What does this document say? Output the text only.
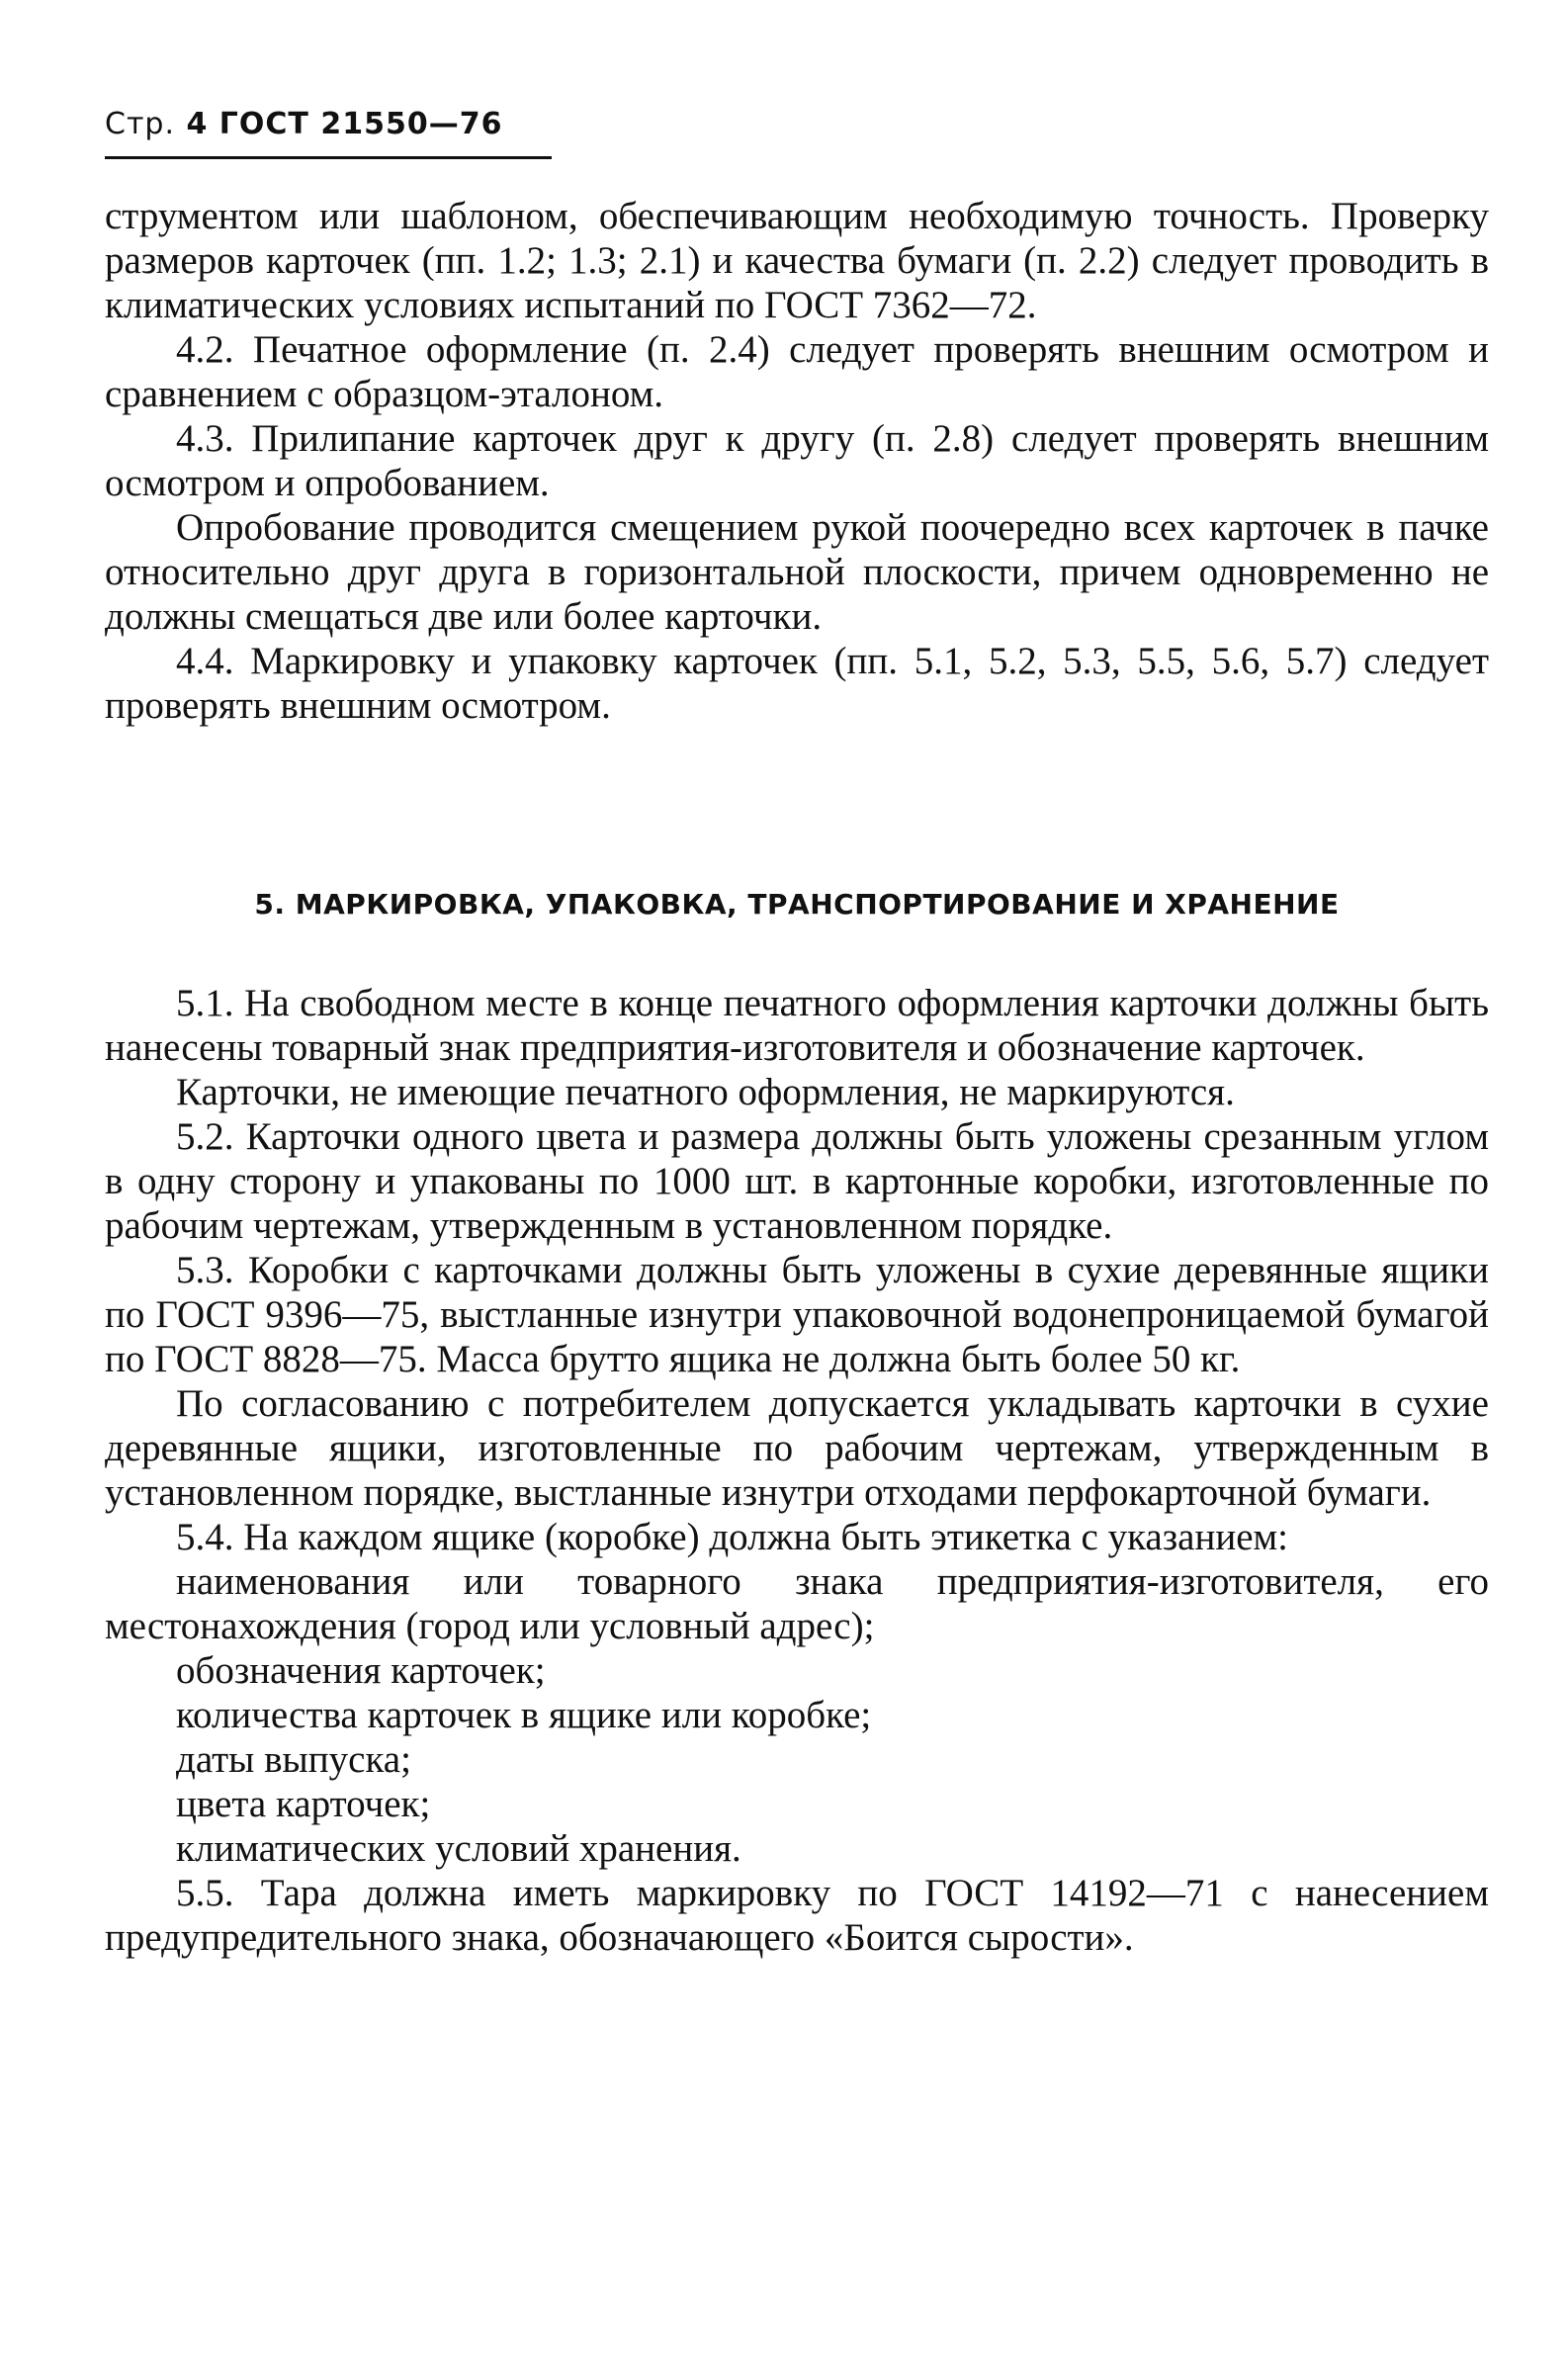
Стр. 4 ГОСТ 21550—76

струментом или шаблоном, обеспечивающим необходимую точность. Проверку размеров карточек (пп. 1.2; 1.3; 2.1) и качества бумаги (п. 2.2) следует проводить в климатических условиях испытаний по ГОСТ 7362—72.

4.2. Печатное оформление (п. 2.4) следует проверять внешним осмотром и сравнением с образцом-эталоном.

4.3. Прилипание карточек друг к другу (п. 2.8) следует проверять внешним осмотром и опробованием.

Опробование проводится смещением рукой поочередно всех карточек в пачке относительно друг друга в горизонтальной плоскости, причем одновременно не должны смещаться две или более карточки.

4.4. Маркировку и упаковку карточек (пп. 5.1, 5.2, 5.3, 5.5, 5.6, 5.7) следует проверять внешним осмотром.

5. МАРКИРОВКА, УПАКОВКА, ТРАНСПОРТИРОВАНИЕ И ХРАНЕНИЕ

5.1. На свободном месте в конце печатного оформления карточки должны быть нанесены товарный знак предприятия-изготовителя и обозначение карточек.

Карточки, не имеющие печатного оформления, не маркируются.

5.2. Карточки одного цвета и размера должны быть уложены срезанным углом в одну сторону и упакованы по 1000 шт. в картонные коробки, изготовленные по рабочим чертежам, утвержденным в установленном порядке.

5.3. Коробки с карточками должны быть уложены в сухие деревянные ящики по ГОСТ 9396—75, выстланные изнутри упаковочной водонепроницаемой бумагой по ГОСТ 8828—75. Масса брутто ящика не должна быть более 50 кг.

По согласованию с потребителем допускается укладывать карточки в сухие деревянные ящики, изготовленные по рабочим чертежам, утвержденным в установленном порядке, выстланные изнутри отходами перфокарточной бумаги.

5.4. На каждом ящике (коробке) должна быть этикетка с указанием:

наименования или товарного знака предприятия-изготовителя, его местонахождения (город или условный адрес);

обозначения карточек;

количества карточек в ящике или коробке;

даты выпуска;

цвета карточек;

климатических условий хранения.

5.5. Тара должна иметь маркировку по ГОСТ 14192—71 с нанесением предупредительного знака, обозначающего «Боится сырости».
